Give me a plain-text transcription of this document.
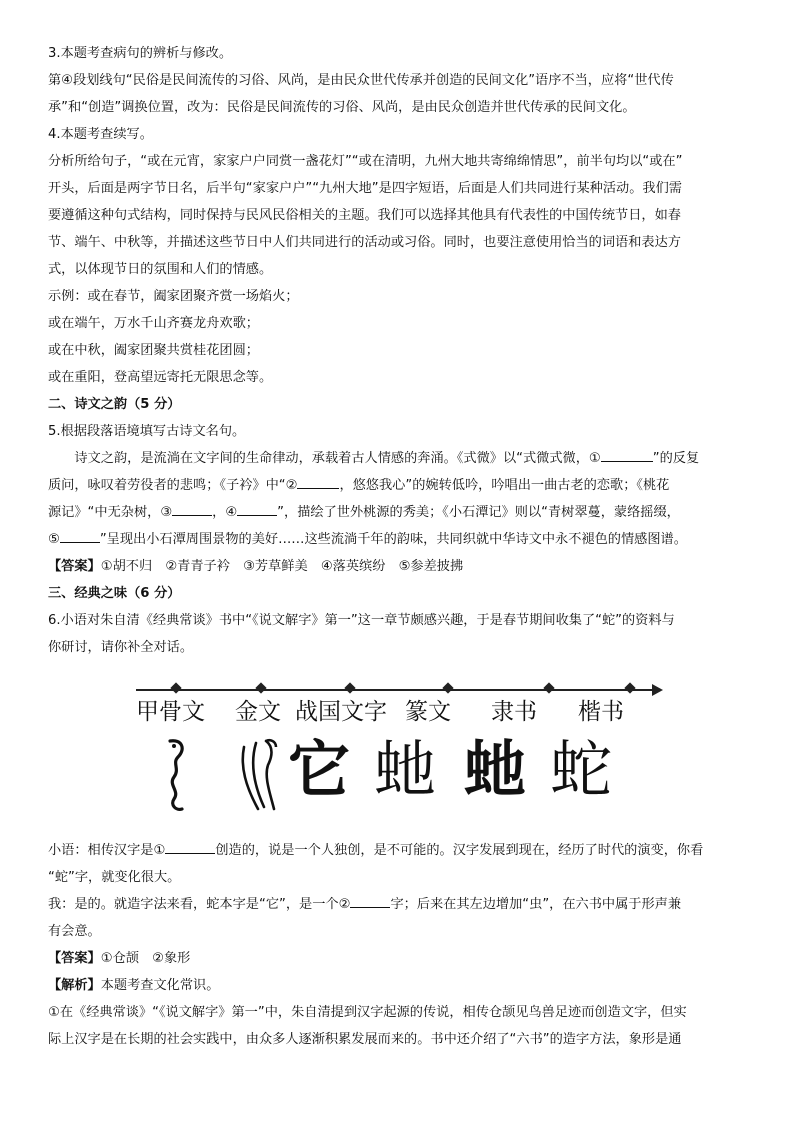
3.本题考查病句的辨析与修改。

第④段划线句“民俗是民间流传的习俗、风尚，是由民众世代传承并创造的民间文化”语序不当，应将“世代传

承”和“创造”调换位置，改为：民俗是民间流传的习俗、风尚，是由民众创造并世代传承的民间文化。

4.本题考查续写。

分析所给句子，“或在元宵，家家户户同赏一盏花灯”“或在清明，九州大地共寄绵绵情思”，前半句均以“或在”

开头，后面是两字节日名，后半句“家家户户”“九州大地”是四字短语，后面是人们共同进行某种活动。我们需

要遵循这种句式结构，同时保持与民风民俗相关的主题。我们可以选择其他具有代表性的中国传统节日，如春

节、端午、中秋等，并描述这些节日中人们共同进行的活动或习俗。同时，也要注意使用恰当的词语和表达方

式，以体现节日的氛围和人们的情感。

示例：或在春节，阖家团聚齐赏一场焰火；

或在端午，万水千山齐赛龙舟欢歌；

或在中秋，阖家团聚共赏桂花团圆；

或在重阳，登高望远寄托无限思念等。

二、诗文之韵（5 分）

5.根据段落语境填写古诗文名句。

诗文之韵，是流淌在文字间的生命律动，承载着古人情感的奔涌。《式微》以“式微式微，①	”的反复

质问，咏叹着劳役者的悲鸣；《子衿》中“②	，悠悠我心”的婉转低吟，吟唱出一曲古老的恋歌；《桃花

源记》“中无杂树，③	，④	”，描绘了世外桃源的秀美；《小石潭记》则以“青树翠蔓，蒙络摇缀，

⑤	”呈现出小石潭周围景物的美好……这些流淌千年的韵味，共同织就中华诗文中永不褪色的情感图谱。

【答案】①胡不归　②青青子衿　③芳草鲜美　④落英缤纷　⑤参差披拂

三、经典之味（6 分）

6.小语对朱自清《经典常谈》书中“《说文解字》第一”这一章节颇感兴趣，于是春节期间收集了“蛇”的资料与

你研讨，请你补全对话。

甲骨文 金文 战国文字 篆文 隶书 楷书
它 虵 虵 蛇

小语：相传汉字是①	创造的，说是一个人独创，是不可能的。汉字发展到现在，经历了时代的演变，你看

“蛇”字，就变化很大。

我：是的。就造字法来看，蛇本字是“它”，是一个②	字；后来在其左边增加“虫”，在六书中属于形声兼

有会意。

【答案】①仓颉　②象形

【解析】本题考查文化常识。

①在《经典常谈》“《说文解字》第一”中，朱自清提到汉字起源的传说，相传仓颉见鸟兽足迹而创造文字，但实

际上汉字是在长期的社会实践中，由众多人逐渐积累发展而来的。书中还介绍了“六书”的造字方法，象形是通
